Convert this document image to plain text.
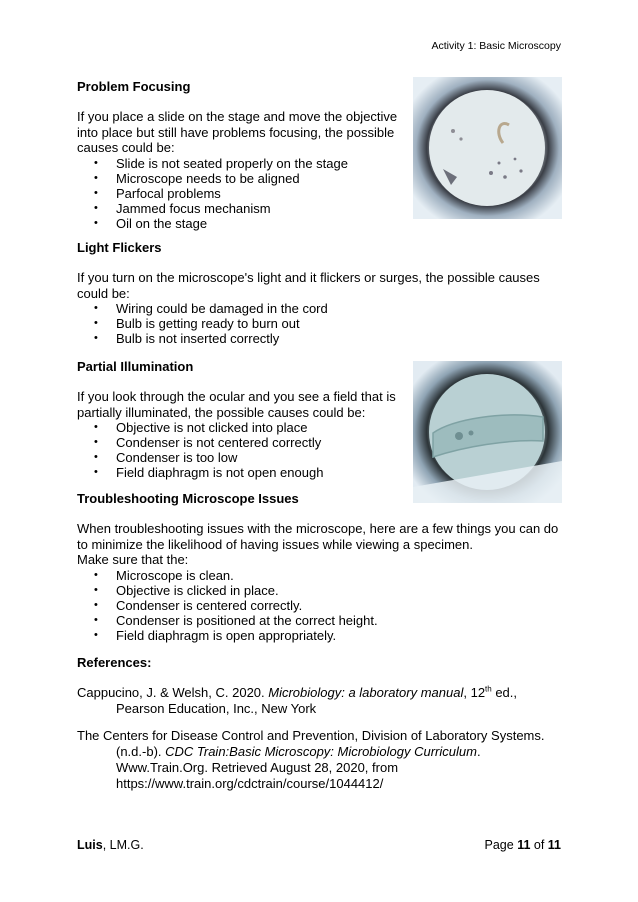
Activity 1: Basic Microscopy
Problem Focusing

If you place a slide on the stage and move the objective

into place but still have problems focusing, the possible

causes could be:

• Slide is not seated properly on the stage
• Microscope needs to be aligned
• Parfocal problems
• Jammed focus mechanism
• Oil on the stage
Light Flickers

If you turn on the microscope's light and it flickers or surges, the possible causes

could be:

• Wiring could be damaged in the cord
• Bulb is getting ready to burn out
• Bulb is not inserted correctly
Partial Illumination

If you look through the ocular and you see a field that is

partially illuminated, the possible causes could be:

• Objective is not clicked into place
• Condenser is not centered correctly
• Condenser is too low
• Field diaphragm is not open enough
Troubleshooting Microscope Issues

When troubleshooting issues with the microscope, here are a few things you can do

to minimize the likelihood of having issues while viewing a specimen.

Make sure that the:

• Microscope is clean.
• Objective is clicked in place.
• Condenser is centered correctly.
• Condenser is positioned at the correct height.
• Field diaphragm is open appropriately.
References:
Cappucino, J. & Welsh, C. 2020. Microbiology: a laboratory manual, 12th ed.,
Pearson Education, Inc., New York
The Centers for Disease Control and Prevention, Division of Laboratory Systems.
(n.d.-b). CDC Train:Basic Microscopy: Microbiology Curriculum.
Www.Train.Org. Retrieved August 28, 2020, from
https://www.train.org/cdctrain/course/1044412/
Luis, LM.G.	Page 11 of 11
